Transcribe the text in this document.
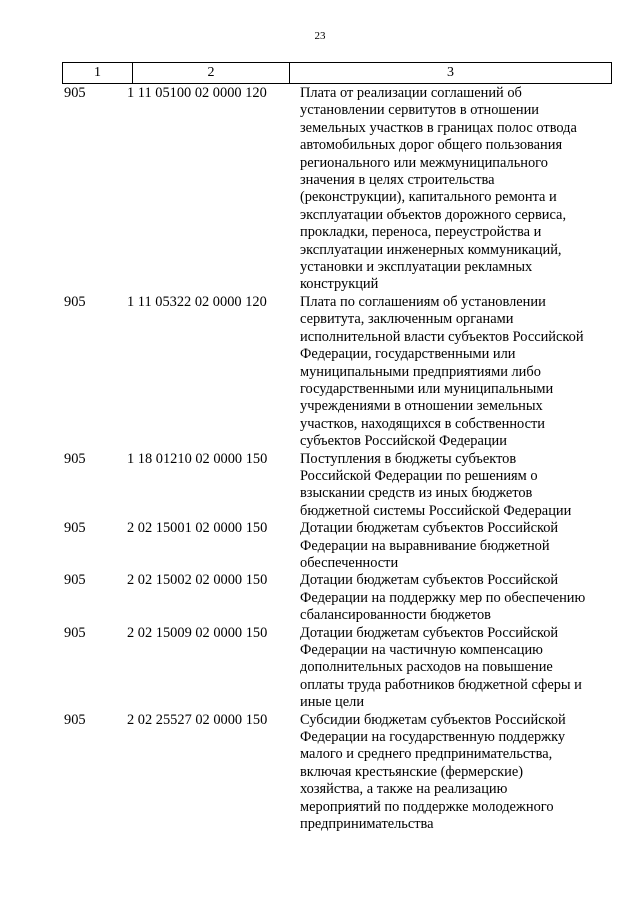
23
1	2	3
905	1 11 05100 02 0000 120	Плата от реализации соглашений об
установлении сервитутов в отношении
земельных участков в границах полос отвода
автомобильных дорог общего пользования
регионального или межмуниципального
значения в целях строительства
(реконструкции), капитального ремонта и
эксплуатации объектов дорожного сервиса,
прокладки, переноса, переустройства и
эксплуатации инженерных коммуникаций,
установки и эксплуатации рекламных
конструкций
905	1 11 05322 02 0000 120	Плата по соглашениям об установлении
сервитута, заключенным органами
исполнительной власти субъектов Российской
Федерации, государственными или
муниципальными предприятиями либо
государственными или муниципальными
учреждениями в отношении земельных
участков, находящихся в собственности
субъектов Российской Федерации
905	1 18 01210 02 0000 150	Поступления в бюджеты субъектов
Российской Федерации по решениям о
взыскании средств из иных бюджетов
бюджетной системы Российской Федерации
905	2 02 15001 02 0000 150	Дотации бюджетам субъектов Российской
Федерации на выравнивание бюджетной
обеспеченности
905	2 02 15002 02 0000 150	Дотации бюджетам субъектов Российской
Федерации на поддержку мер по обеспечению
сбалансированности бюджетов
905	2 02 15009 02 0000 150	Дотации бюджетам субъектов Российской
Федерации на частичную компенсацию
дополнительных расходов на повышение
оплаты труда работников бюджетной сферы и
иные цели
905	2 02 25527 02 0000 150	Субсидии бюджетам субъектов Российской
Федерации на государственную поддержку
малого и среднего предпринимательства,
включая крестьянские (фермерские)
хозяйства, а также на реализацию
мероприятий по поддержке молодежного
предпринимательства
